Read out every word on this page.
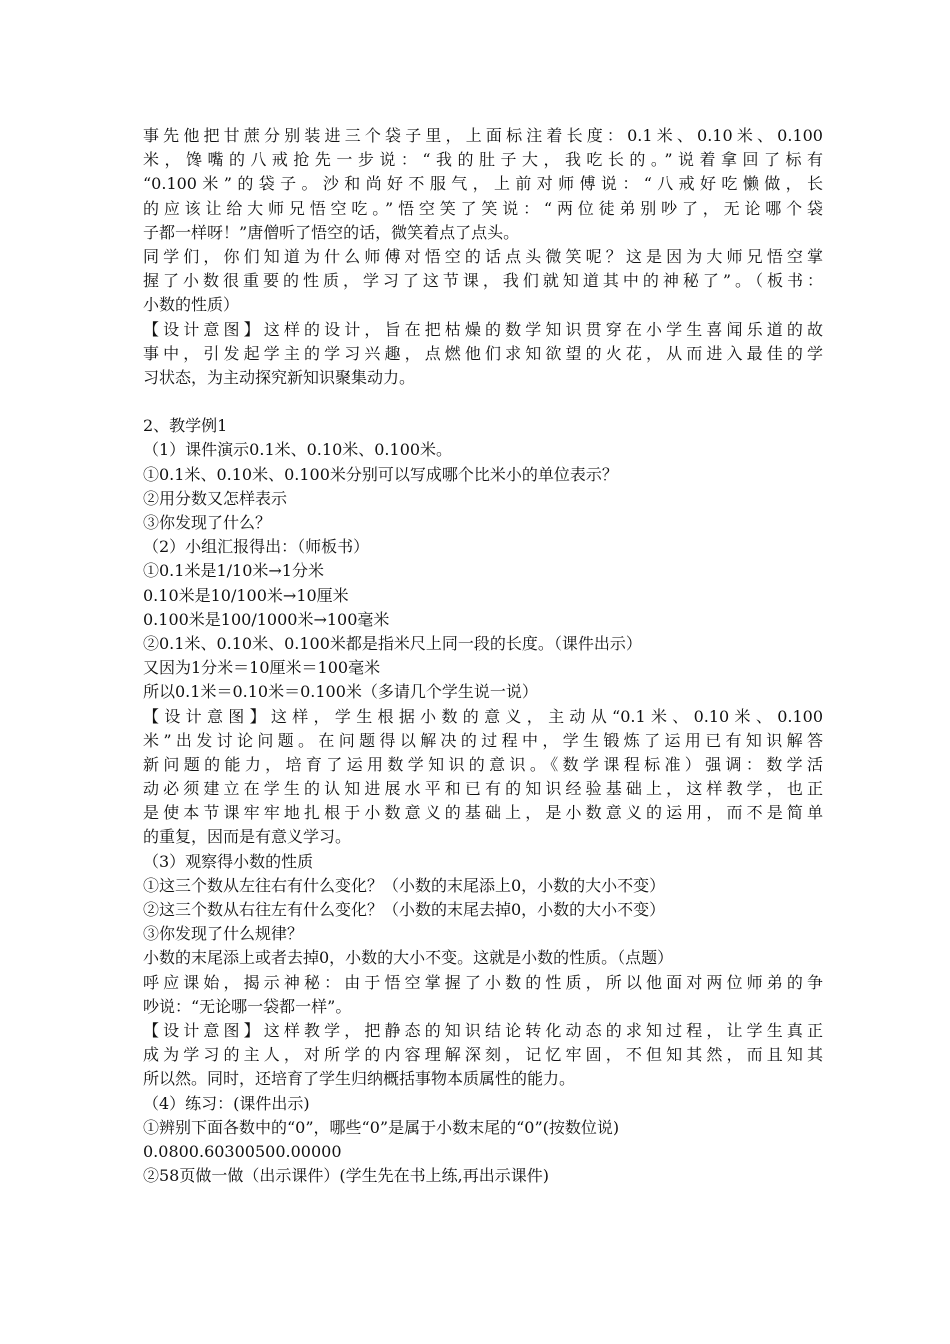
事先他把甘蔗分别装进三个袋子里，上面标注着长度：0.1米、0.10米、0.100
米，馋嘴的八戒抢先一步说：“我的肚子大，我吃长的。”说着拿回了标有
“0.100米”的袋子。沙和尚好不服气，上前对师傅说：“八戒好吃懒做，长
的应该让给大师兄悟空吃。”悟空笑了笑说：“两位徒弟别吵了，无论哪个袋
子都一样呀！”唐僧听了悟空的话，微笑着点了点头。
同学们，你们知道为什么师傅对悟空的话点头微笑呢？这是因为大师兄悟空掌
握了小数很重要的性质，学习了这节课，我们就知道其中的神秘了”。（板书：
小数的性质）
【设计意图】这样的设计，旨在把枯燥的数学知识贯穿在小学生喜闻乐道的故
事中，引发起学主的学习兴趣，点燃他们求知欲望的火花，从而进入最佳的学
习状态，为主动探究新知识聚集动力。
2、教学例1
（1）课件演示0.1米、0.10米、0.100米。
①0.1米、0.10米、0.100米分别可以写成哪个比米小的单位表示？
②用分数又怎样表示
③你发现了什么？
（2）小组汇报得出：（师板书）
①0.1米是1/10米→1分米
0.10米是10/100米→10厘米
0.100米是100/1000米→100毫米
②0.1米、0.10米、0.100米都是指米尺上同一段的长度。（课件出示）
又因为1分米＝10厘米＝100毫米
所以0.1米＝0.10米＝0.100米（多请几个学生说一说）
【设计意图】这样，学生根据小数的意义，主动从“0.1米、0.10米、0.100
米”出发讨论问题。在问题得以解决的过程中，学生锻炼了运用已有知识解答
新问题的能力，培育了运用数学知识的意识。《数学课程标准）强调：数学活
动必须建立在学生的认知进展水平和已有的知识经验基础上，这样教学，也正
是使本节课牢牢地扎根于小数意义的基础上，是小数意义的运用，而不是简单
的重复，因而是有意义学习。
（3）观察得小数的性质
①这三个数从左往右有什么变化？（小数的末尾添上0，小数的大小不变）
②这三个数从右往左有什么变化？（小数的末尾去掉0，小数的大小不变）
③你发现了什么规律？
小数的末尾添上或者去掉0，小数的大小不变。这就是小数的性质。（点题）
呼应课始，揭示神秘：由于悟空掌握了小数的性质，所以他面对两位师弟的争
吵说：“无论哪一袋都一样”。
【设计意图】这样教学，把静态的知识结论转化动态的求知过程，让学生真正
成为学习的主人，对所学的内容理解深刻，记忆牢固，不但知其然，而且知其
所以然。同时，还培育了学生归纳概括事物本质属性的能力。
（4）练习：(课件出示)
①辨别下面各数中的“0”，哪些“0”是属于小数末尾的“0”(按数位说)
0.0800.60300500.00000
②58页做一做（出示课件）(学生先在书上练,再出示课件)
